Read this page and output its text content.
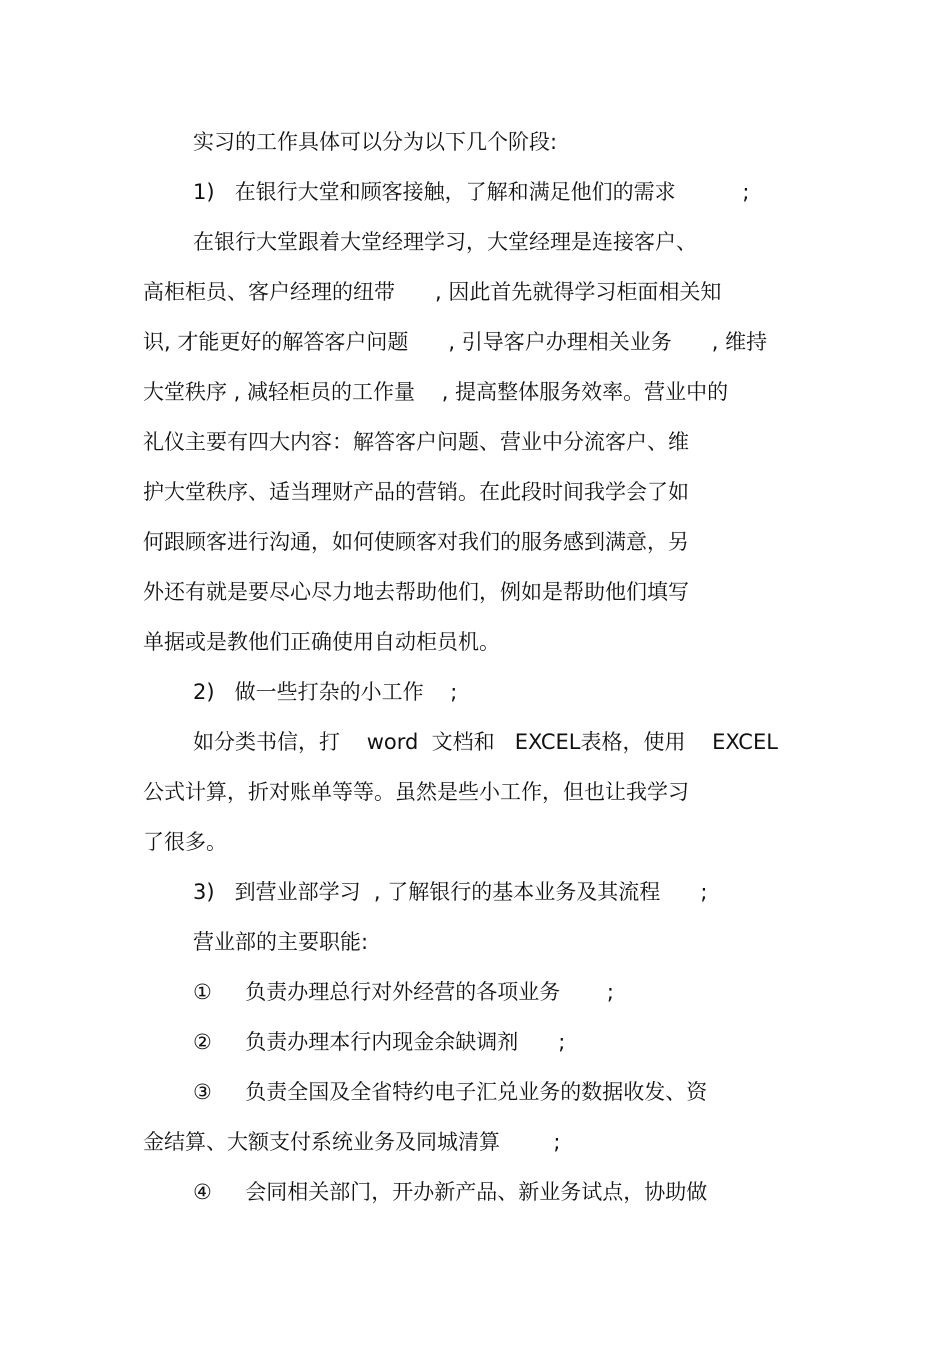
实习的工作具体可以分为以下几个阶段:
1)   在银行大堂和顾客接触，了解和满足他们的需求          ;
在银行大堂跟着大堂经理学习，大堂经理是连接客户、
高柜柜员、客户经理的纽带      , 因此首先就得学习柜面相关知
识, 才能更好的解答客户问题      , 引导客户办理相关业务      , 维持
大堂秩序 , 减轻柜员的工作量    , 提高整体服务效率。营业中的
礼仪主要有四大内容：解答客户问题、营业中分流客户、维
护大堂秩序、适当理财产品的营销。在此段时间我学会了如
何跟顾客进行沟通，如何使顾客对我们的服务感到满意，另
外还有就是要尽心尽力地去帮助他们，例如是帮助他们填写
单据或是教他们正确使用自动柜员机。
2)   做一些打杂的小工作    ;
如分类书信，打    word  文档和   EXCEL表格，使用    EXCEL
公式计算，折对账单等等。虽然是些小工作，但也让我学习
了很多。
3)   到营业部学习  , 了解银行的基本业务及其流程      ;
营业部的主要职能:
①     负责办理总行对外经营的各项业务       ;
②     负责办理本行内现金余缺调剂      ;
③     负责全国及全省特约电子汇兑业务的数据收发、资
金结算、大额支付系统业务及同城清算        ;
④     会同相关部门，开办新产品、新业务试点，协助做
